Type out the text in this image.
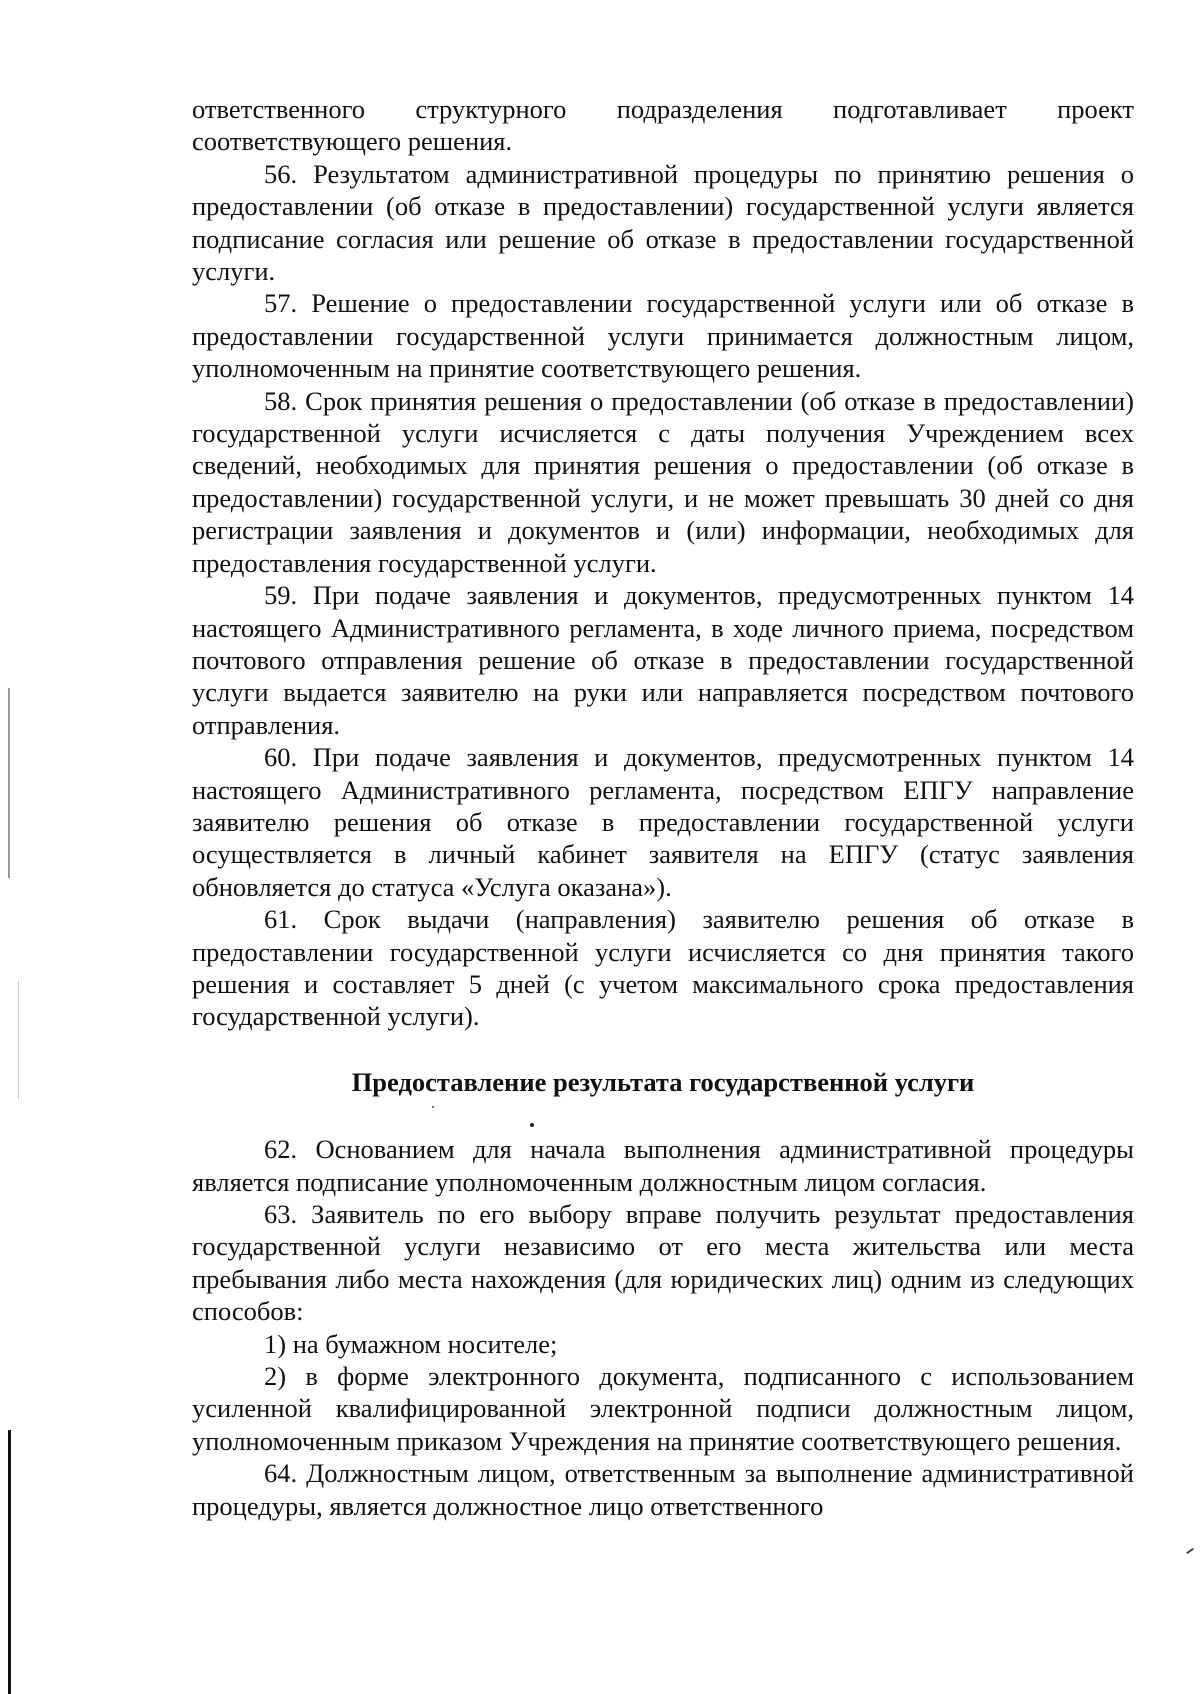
ответственного структурного подразделения подготавливает проект соответствующего решения.

56. Результатом административной процедуры по принятию решения о предоставлении (об отказе в предоставлении) государственной услуги является подписание согласия или решение об отказе в предоставлении государственной услуги.

57. Решение о предоставлении государственной услуги или об отказе в предоставлении государственной услуги принимается должностным лицом, уполномоченным на принятие соответствующего решения.

58. Срок принятия решения о предоставлении (об отказе в предоставлении) государственной услуги исчисляется с даты получения Учреждением всех сведений, необходимых для принятия решения о предоставлении (об отказе в предоставлении) государственной услуги, и не может превышать 30 дней со дня регистрации заявления и документов и (или) информации, необходимых для предоставления государственной услуги.

59. При подаче заявления и документов, предусмотренных пунктом 14 настоящего Административного регламента, в ходе личного приема, посредством почтового отправления решение об отказе в предоставлении государственной услуги выдается заявителю на руки или направляется посредством почтового отправления.

60. При подаче заявления и документов, предусмотренных пунктом 14 настоящего Административного регламента, посредством ЕПГУ направление заявителю решения об отказе в предоставлении государственной услуги осуществляется в личный кабинет заявителя на ЕПГУ (статус заявления обновляется до статуса «Услуга оказана»).

61. Срок выдачи (направления) заявителю решения об отказе в предоставлении государственной услуги исчисляется со дня принятия такого решения и составляет 5 дней (с учетом максимального срока предоставления государственной услуги).

Предоставление результата государственной услуги

62. Основанием для начала выполнения административной процедуры является подписание уполномоченным должностным лицом согласия.

63. Заявитель по его выбору вправе получить результат предоставления государственной услуги независимо от его места жительства или места пребывания либо места нахождения (для юридических лиц) одним из следующих способов:

1) на бумажном носителе;

2) в форме электронного документа, подписанного с использованием усиленной квалифицированной электронной подписи должностным лицом, уполномоченным приказом Учреждения на принятие соответствующего решения.

64. Должностным лицом, ответственным за выполнение административной процедуры, является должностное лицо ответственного
